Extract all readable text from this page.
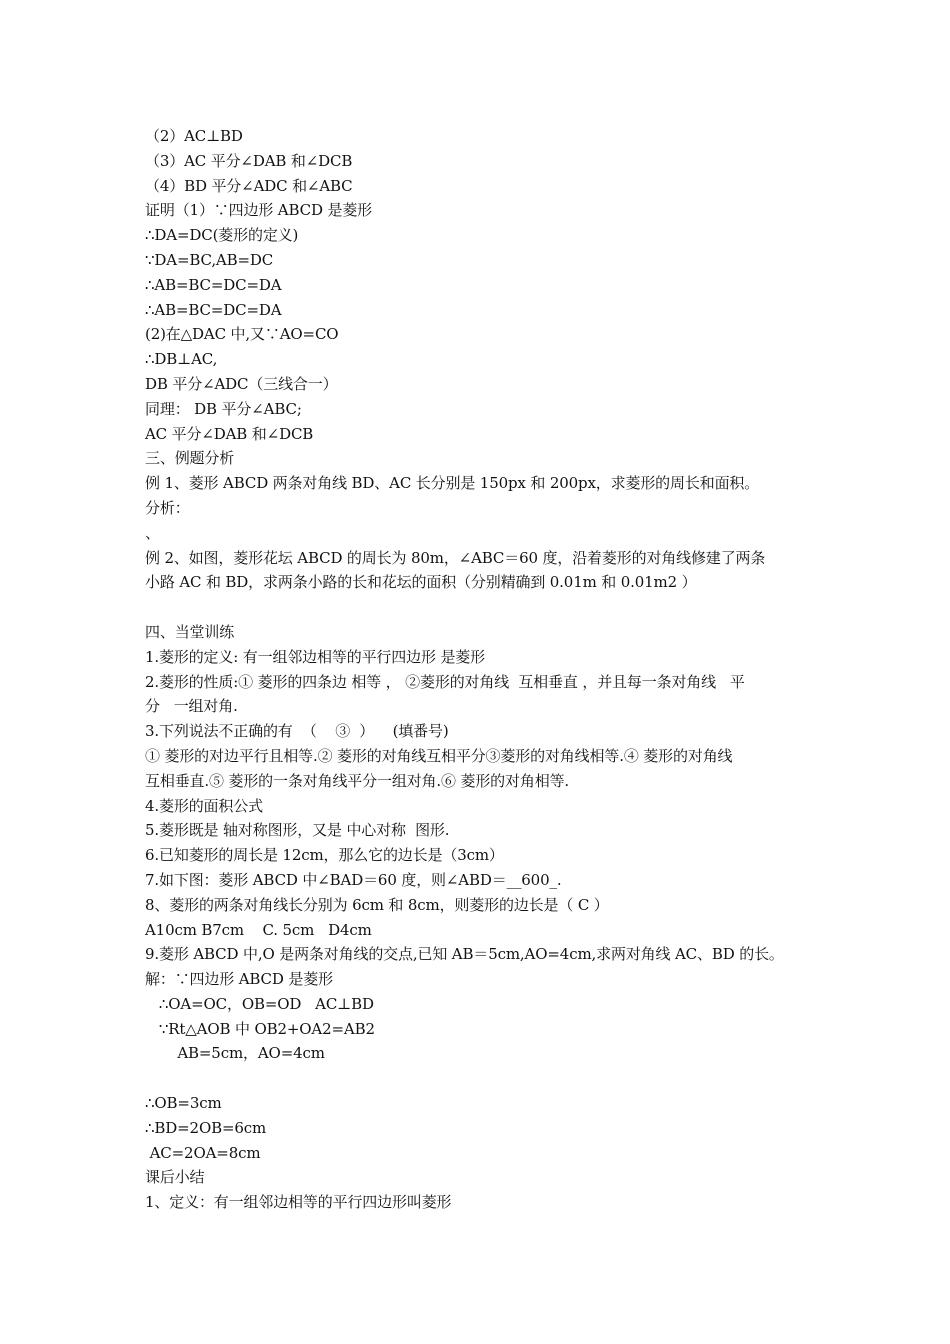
（2）AC⊥BD
（3）AC 平分∠DAB 和∠DCB
（4）BD 平分∠ADC 和∠ABC
证明（1）∵四边形 ABCD 是菱形
∴DA=DC(菱形的定义)
∵DA=BC,AB=DC
∴AB=BC=DC=DA
∴AB=BC=DC=DA
(2)在△DAC 中,又∵AO=CO
∴DB⊥AC,
DB 平分∠ADC（三线合一）
同理： DB 平分∠ABC;
AC 平分∠DAB 和∠DCB
三、例题分析
例 1、菱形 ABCD 两条对角线 BD、AC 长分别是 150px 和 200px，求菱形的周长和面积。
分析：
、
例 2、如图，菱形花坛 ABCD 的周长为 80m，∠ABC＝60 度，沿着菱形的对角线修建了两条
小路 AC 和 BD，求两条小路的长和花坛的面积（分别精确到 0.01m 和 0.01m2 ）
四、当堂训练
1.菱形的定义: 有一组邻边相等的平行四边形 是菱形
2.菱形的性质:① 菱形的四条边 相等 ， ②菱形的对角线  互相垂直 ，并且每一条对角线   平
分   一组对角.
3.下列说法不正确的有  （    ③  ）    (填番号)
① 菱形的对边平行且相等.② 菱形的对角线互相平分③菱形的对角线相等.④ 菱形的对角线
互相垂直.⑤ 菱形的一条对角线平分一组对角.⑥ 菱形的对角相等.
4.菱形的面积公式
5.菱形既是 轴对称图形，又是 中心对称  图形.
6.已知菱形的周长是 12cm，那么它的边长是（3cm）
7.如下图：菱形 ABCD 中∠BAD＝60 度，则∠ABD＝__600_.
8、菱形的两条对角线长分别为 6cm 和 8cm，则菱形的边长是（ C ）
A10cm B7cm    C. 5cm   D4cm
9.菱形 ABCD 中,O 是两条对角线的交点,已知 AB＝5cm,AO=4cm,求两对角线 AC、BD 的长。
解：∵四边形 ABCD 是菱形
∴OA=OC，OB=OD   AC⊥BD
∵Rt△AOB 中 OB2+OA2=AB2
AB=5cm，AO=4cm
∴OB=3cm
∴BD=2OB=6cm
AC=2OA=8cm
课后小结
1、定义：有一组邻边相等的平行四边形叫菱形
